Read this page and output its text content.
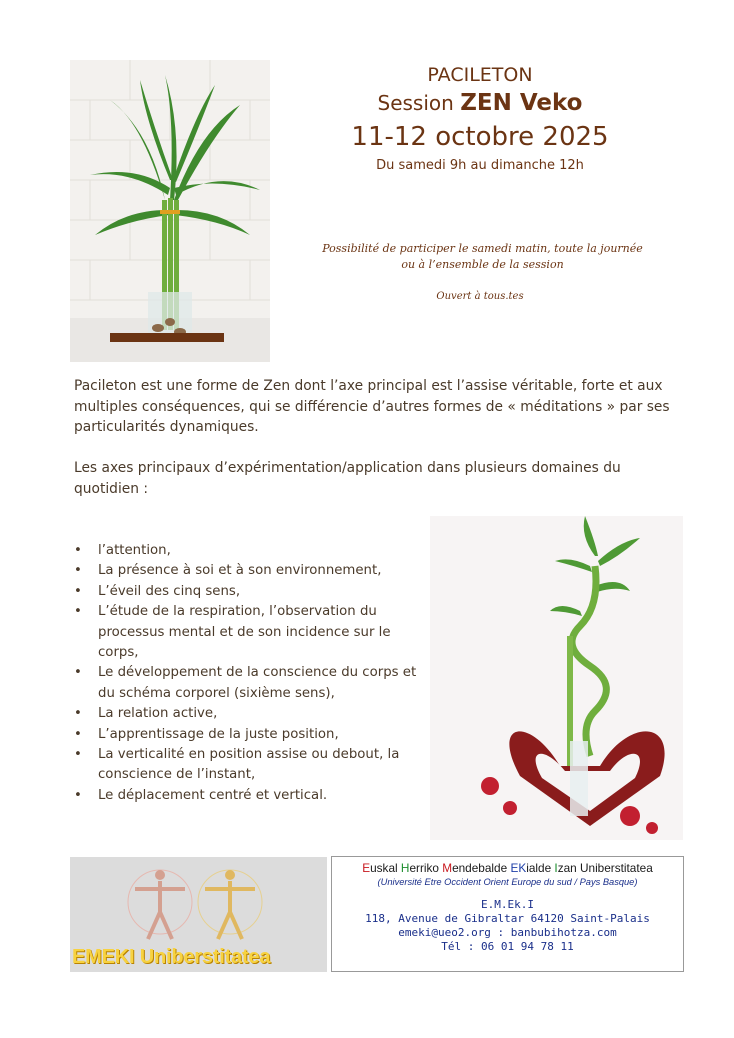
PACILETON
Session ZEN Veko
11-12 octobre 2025
Du samedi 9h au dimanche 12h
Possibilité de participer le samedi matin, toute la journée
ou à l’ensemble de la session
Ouvert à tous.tes

Pacileton est une forme de Zen dont l’axe principal est l’assise véritable, forte et aux multiples conséquences, qui se différencie d’autres formes de « méditations » par ses particularités dynamiques.

Les axes principaux d’expérimentation/application dans plusieurs domaines du quotidien :

• l’attention,
• La présence à soi et à son environnement,
• L’éveil des cinq sens,
• L’étude de la respiration, l’observation du processus mental et de son incidence sur le corps,
• Le développement de la conscience du corps et du schéma corporel (sixième sens),
• La relation active,
• L’apprentissage de la juste position,
• La verticalité en position assise ou debout, la conscience de l’instant,
• Le déplacement centré et vertical.
EMEKI Uniberstitatea
Euskal Herriko Mendebalde EKialde Izan Uniberstitatea
(Université Etre Occident Orient Europe du sud / Pays Basque)
E.M.Ek.I
118, Avenue de Gibraltar 64120 Saint-Palais
emeki@ueo2.org : banbubihotza.com
Tél : 06 01 94 78 11
